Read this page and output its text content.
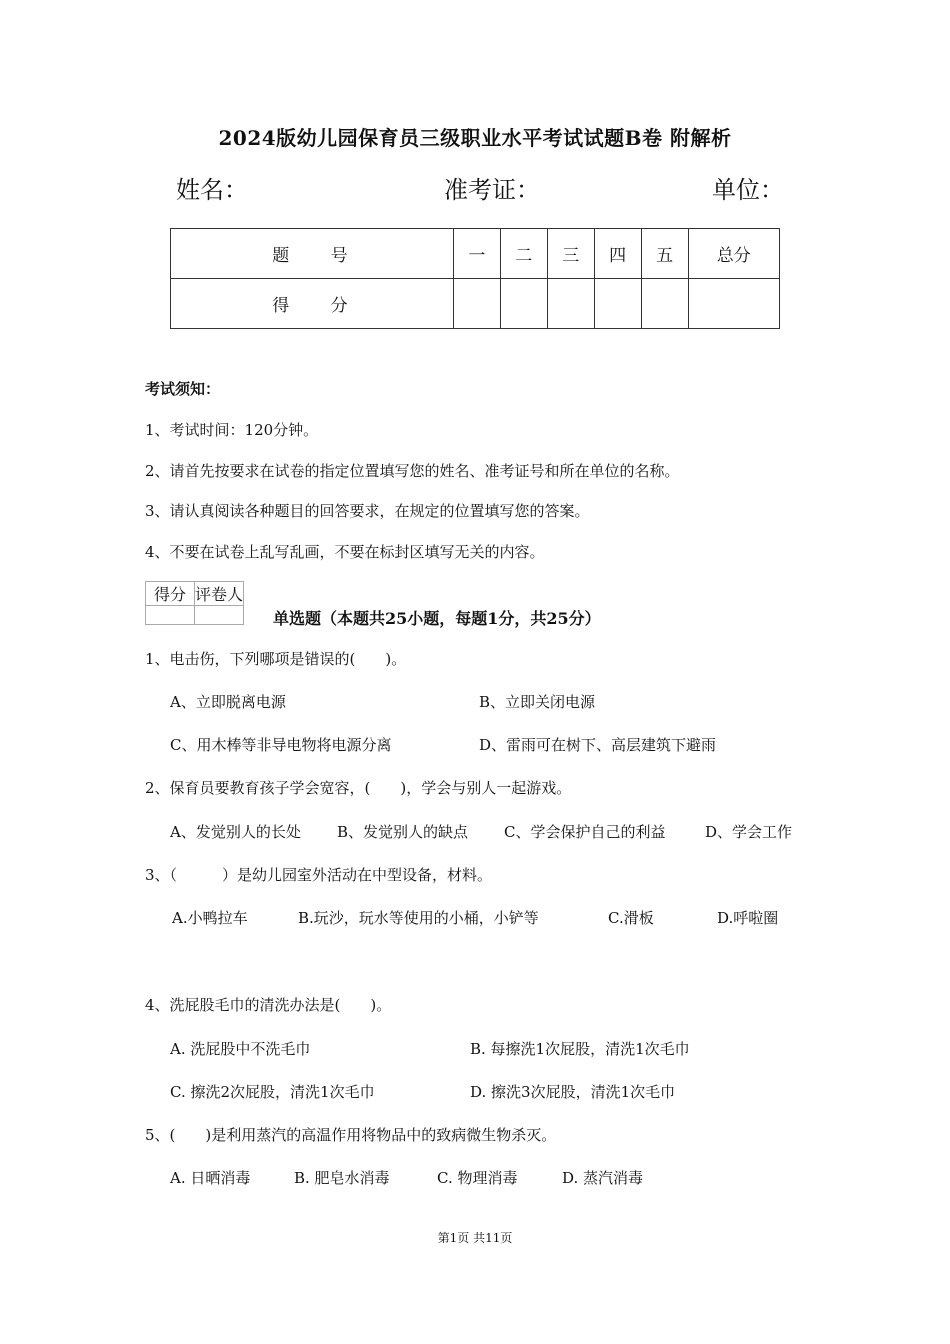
2024版幼儿园保育员三级职业水平考试试题B卷 附解析
姓名：	准考证：	单位：
题 号	一	二	三	四	五	总分
得 分						
考试须知：
1、考试时间：120分钟。
2、请首先按要求在试卷的指定位置填写您的姓名、准考证号和所在单位的名称。
3、请认真阅读各种题目的回答要求，在规定的位置填写您的答案。
4、不要在试卷上乱写乱画，不要在标封区填写无关的内容。
得分	评卷人

单选题（本题共25小题，每题1分，共25分）
1、电击伤，下列哪项是错误的(　　)。
A、立即脱离电源	B、立即关闭电源
C、用木棒等非导电物将电源分离	D、雷雨可在树下、高层建筑下避雨
2、保育员要教育孩子学会宽容，(　　)，学会与别人一起游戏。
A、发觉别人的长处 B、发觉别人的缺点 C、学会保护自己的利益	D、学会工作
3、（　　　）是幼儿园室外活动在中型设备，材料。
A.小鸭拉车	B.玩沙，玩水等使用的小桶，小铲等	C.滑板	D.呼啦圈
4、洗屁股毛巾的清洗办法是(　　)。
A. 洗屁股中不洗毛巾	B. 每擦洗1次屁股，清洗1次毛巾
C. 擦洗2次屁股，清洗1次毛巾	D. 擦洗3次屁股，清洗1次毛巾
5、(　　)是利用蒸汽的高温作用将物品中的致病微生物杀灭。
A. 日晒消毒	B. 肥皂水消毒	C. 物理消毒	D. 蒸汽消毒
第1页 共11页
